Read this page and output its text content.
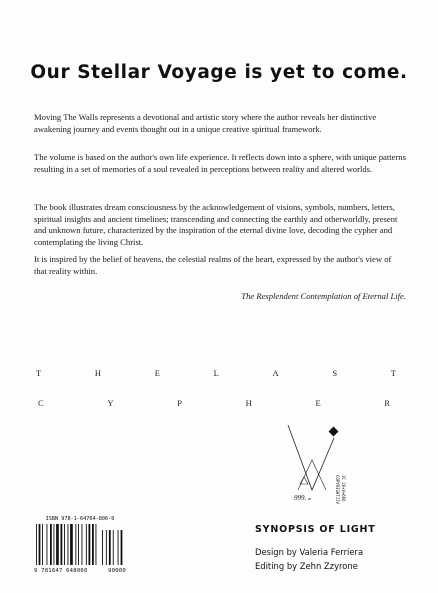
Our Stellar Voyage is yet to come.

Moving The Walls represents a devotional and artistic story where the author reveals her distinctive awakening journey and events thought out in a unique creative spiritual framework.

The volume is based on the author's own life experience. It reflects down into a sphere, with unique patterns resulting in a set of memories of a soul revealed in perceptions between reality and altered worlds.

The book illustrates dream consciousness by the acknowledgement of visions, symbols, numbers, letters, spiritual insights and ancient timelines; transcending and connecting the earthly and otherworldly, present and unknown future, characterized by the inspiration of the eternal divine love, decoding the cypher and contemplating the living Christ.

It is inspired by the belief of heavens, the celestial realms of the heart, expressed by the author's view of that reality within.

The Resplendent Contemplation of Eternal Life.
T	H	E	L	A	S	T
C	Y	P	H	E	R
999. m	COPYRIGHTJJV JC 20+V+666
ISBN 978-1-64764-806-0
9 781647 648060	90000
SYNOPSIS OF LIGHT
Design by Valeria Ferriera
Editing by Zehn Zzyrone
